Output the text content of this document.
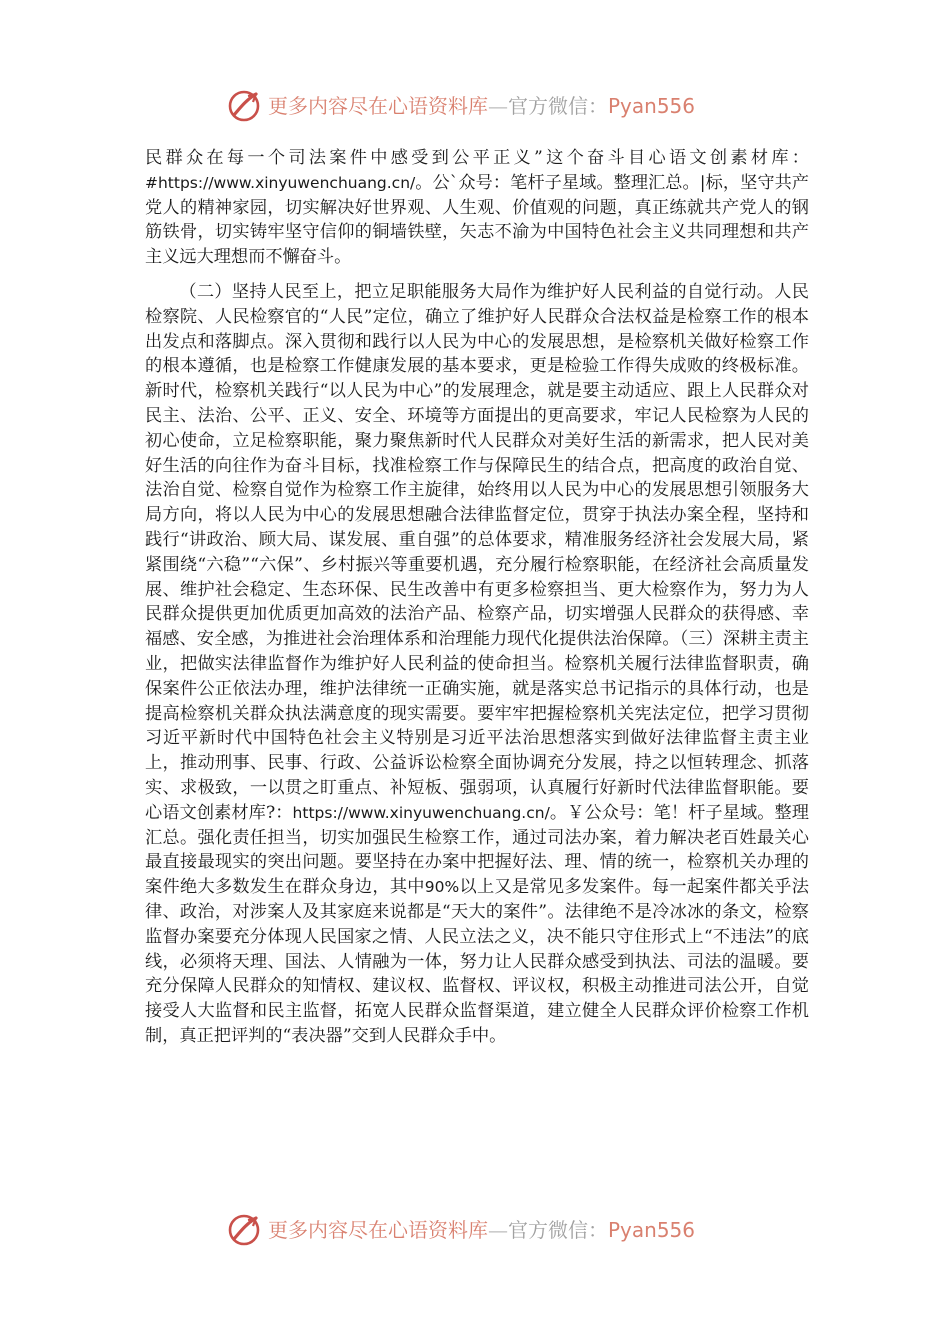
更多内容尽在心语资料库—官方微信：Pyan556

民群众在每一个司法案件中感受到公平正义”这个奋斗目心语文创素材库：#https://www.xinyuwenchuang.cn/。公`众号：笔杆子星域。整理汇总。|标，坚守共产党人的精神家园，切实解决好世界观、人生观、价值观的问题，真正练就共产党人的钢筋铁骨，切实铸牢坚守信仰的铜墙铁壁，矢志不渝为中国特色社会主义共同理想和共产主义远大理想而不懈奋斗。

（二）坚持人民至上，把立足职能服务大局作为维护好人民利益的自觉行动。人民检察院、人民检察官的“人民”定位，确立了维护好人民群众合法权益是检察工作的根本出发点和落脚点。深入贯彻和践行以人民为中心的发展思想，是检察机关做好检察工作的根本遵循，也是检察工作健康发展的基本要求，更是检验工作得失成败的终极标准。新时代，检察机关践行“以人民为中心”的发展理念，就是要主动适应、跟上人民群众对民主、法治、公平、正义、安全、环境等方面提出的更高要求，牢记人民检察为人民的初心使命，立足检察职能，聚力聚焦新时代人民群众对美好生活的新需求，把人民对美好生活的向往作为奋斗目标，找准检察工作与保障民生的结合点，把高度的政治自觉、法治自觉、检察自觉作为检察工作主旋律，始终用以人民为中心的发展思想引领服务大局方向，将以人民为中心的发展思想融合法律监督定位，贯穿于执法办案全程，坚持和践行“讲政治、顾大局、谋发展、重自强”的总体要求，精准服务经济社会发展大局，紧紧围绕“六稳”“六保”、乡村振兴等重要机遇，充分履行检察职能，在经济社会高质量发展、维护社会稳定、生态环保、民生改善中有更多检察担当、更大检察作为，努力为人民群众提供更加优质更加高效的法治产品、检察产品，切实增强人民群众的获得感、幸福感、安全感，为推进社会治理体系和治理能力现代化提供法治保障。（三）深耕主责主业，把做实法律监督作为维护好人民利益的使命担当。检察机关履行法律监督职责，确保案件公正依法办理，维护法律统一正确实施，就是落实总书记指示的具体行动，也是提高检察机关群众执法满意度的现实需要。要牢牢把握检察机关宪法定位，把学习贯彻习近平新时代中国特色社会主义特别是习近平法治思想落实到做好法律监督主责主业上，推动刑事、民事、行政、公益诉讼检察全面协调充分发展，持之以恒转理念、抓落实、求极致，一以贯之盯重点、补短板、强弱项，认真履行好新时代法律监督职能。要心语文创素材库?：https://www.xinyuwenchuang.cn/。￥公众号：笔！杆子星域。整理汇总。强化责任担当，切实加强民生检察工作，通过司法办案，着力解决老百姓最关心最直接最现实的突出问题。要坚持在办案中把握好法、理、情的统一，检察机关办理的案件绝大多数发生在群众身边，其中90%以上又是常见多发案件。每一起案件都关乎法律、政治，对涉案人及其家庭来说都是“天大的案件”。法律绝不是冷冰冰的条文，检察监督办案要充分体现人民国家之情、人民立法之义，决不能只守住形式上“不违法”的底线，必须将天理、国法、人情融为一体，努力让人民群众感受到执法、司法的温暖。要充分保障人民群众的知情权、建议权、监督权、评议权，积极主动推进司法公开，自觉接受人大监督和民主监督，拓宽人民群众监督渠道，建立健全人民群众评价检察工作机制，真正把评判的“表决器”交到人民群众手中。

更多内容尽在心语资料库—官方微信：Pyan556
